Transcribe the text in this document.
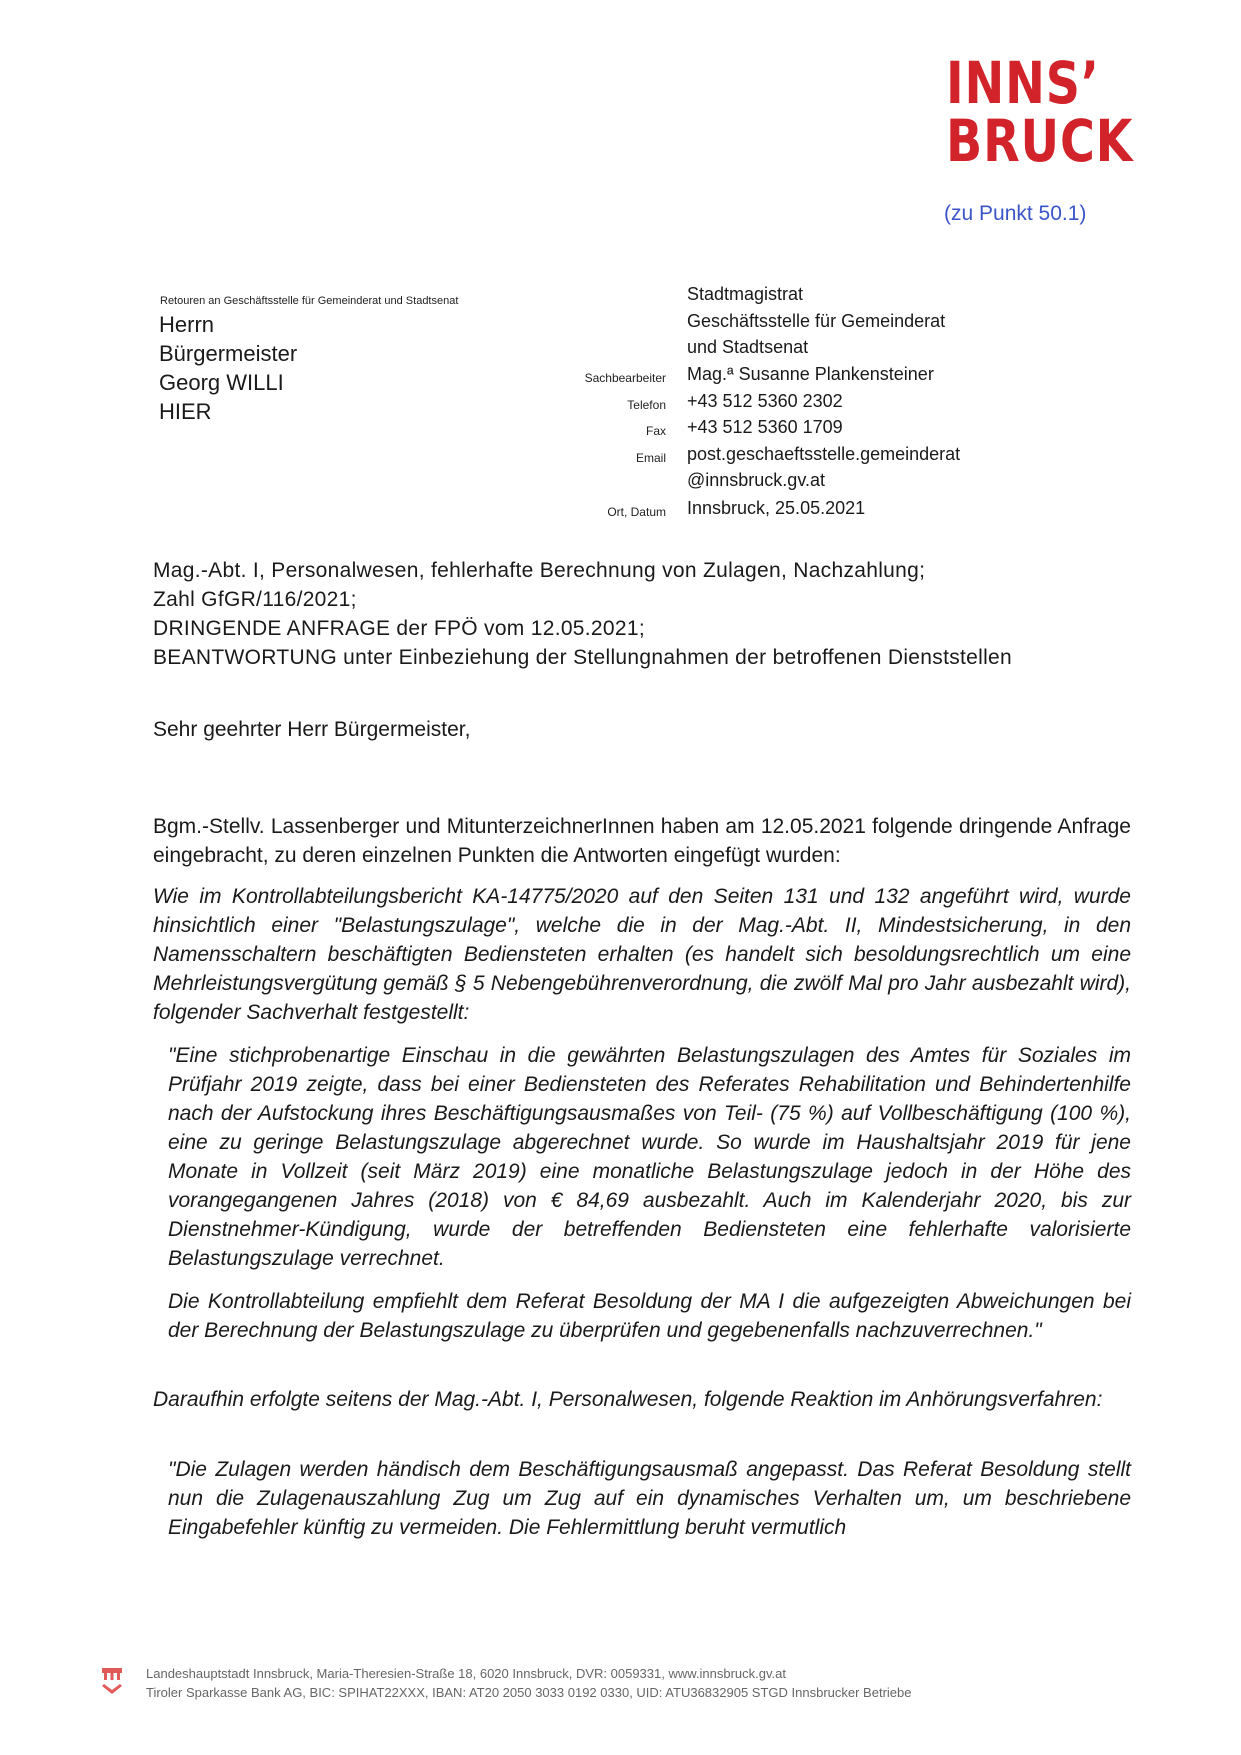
INNS’
BRUCK
(zu Punkt 50.1)
Retouren an Geschäftsstelle für Gemeinderat und Stadtsenat
Herrn
Bürgermeister
Georg WILLI
HIER
Stadtmagistrat
Geschäftsstelle für Gemeinderat
und Stadtsenat
Sachbearbeiter Mag.ª Susanne Plankensteiner
Telefon +43 512 5360 2302
Fax +43 512 5360 1709
Email post.geschaeftsstelle.gemeinderat
@innsbruck.gv.at
Ort, Datum Innsbruck, 25.05.2021
Mag.-Abt. I, Personalwesen, fehlerhafte Berechnung von Zulagen, Nachzahlung;
Zahl GfGR/116/2021;
DRINGENDE ANFRAGE der FPÖ vom 12.05.2021;
BEANTWORTUNG unter Einbeziehung der Stellungnahmen der betroffenen Dienststellen
Sehr geehrter Herr Bürgermeister,
Bgm.-Stellv. Lassenberger und MitunterzeichnerInnen haben am 12.05.2021 folgende dringende Anfrage eingebracht, zu deren einzelnen Punkten die Antworten eingefügt wurden:
Wie im Kontrollabteilungsbericht KA-14775/2020 auf den Seiten 131 und 132 angeführt wird, wurde hinsichtlich einer "Belastungszulage", welche die in der Mag.-Abt. II, Mindestsicherung, in den Namensschaltern beschäftigten Bediensteten erhalten (es handelt sich besoldungsrechtlich um eine Mehrleistungsvergütung gemäß § 5 Nebengebührenverordnung, die zwölf Mal pro Jahr ausbezahlt wird), folgender Sachverhalt festgestellt:
"Eine stichprobenartige Einschau in die gewährten Belastungszulagen des Amtes für Soziales im Prüfjahr 2019 zeigte, dass bei einer Bediensteten des Referates Rehabilitation und Behindertenhilfe nach der Aufstockung ihres Beschäftigungsausmaßes von Teil- (75 %) auf Vollbeschäftigung (100 %), eine zu geringe Belastungszulage abgerechnet wurde. So wurde im Haushaltsjahr 2019 für jene Monate in Vollzeit (seit März 2019) eine monatliche Belastungszulage jedoch in der Höhe des vorangegangenen Jahres (2018) von € 84,69 ausbezahlt. Auch im Kalenderjahr 2020, bis zur Dienstnehmer-Kündigung, wurde der betreffenden Bediensteten eine fehlerhafte valorisierte Belastungszulage verrechnet.
Die Kontrollabteilung empfiehlt dem Referat Besoldung der MA I die aufgezeigten Abweichungen bei der Berechnung der Belastungszulage zu überprüfen und gegebenenfalls nachzuverrechnen."
Daraufhin erfolgte seitens der Mag.-Abt. I, Personalwesen, folgende Reaktion im Anhörungsverfahren:
"Die Zulagen werden händisch dem Beschäftigungsausmaß angepasst. Das Referat Besoldung stellt nun die Zulagenauszahlung Zug um Zug auf ein dynamisches Verhalten um, um beschriebene Eingabefehler künftig zu vermeiden. Die Fehlermittlung beruht vermutlich
Landeshauptstadt Innsbruck, Maria-Theresien-Straße 18, 6020 Innsbruck, DVR: 0059331, www.innsbruck.gv.at
Tiroler Sparkasse Bank AG, BIC: SPIHAT22XXX, IBAN: AT20 2050 3033 0192 0330, UID: ATU36832905 STGD Innsbrucker Betriebe
